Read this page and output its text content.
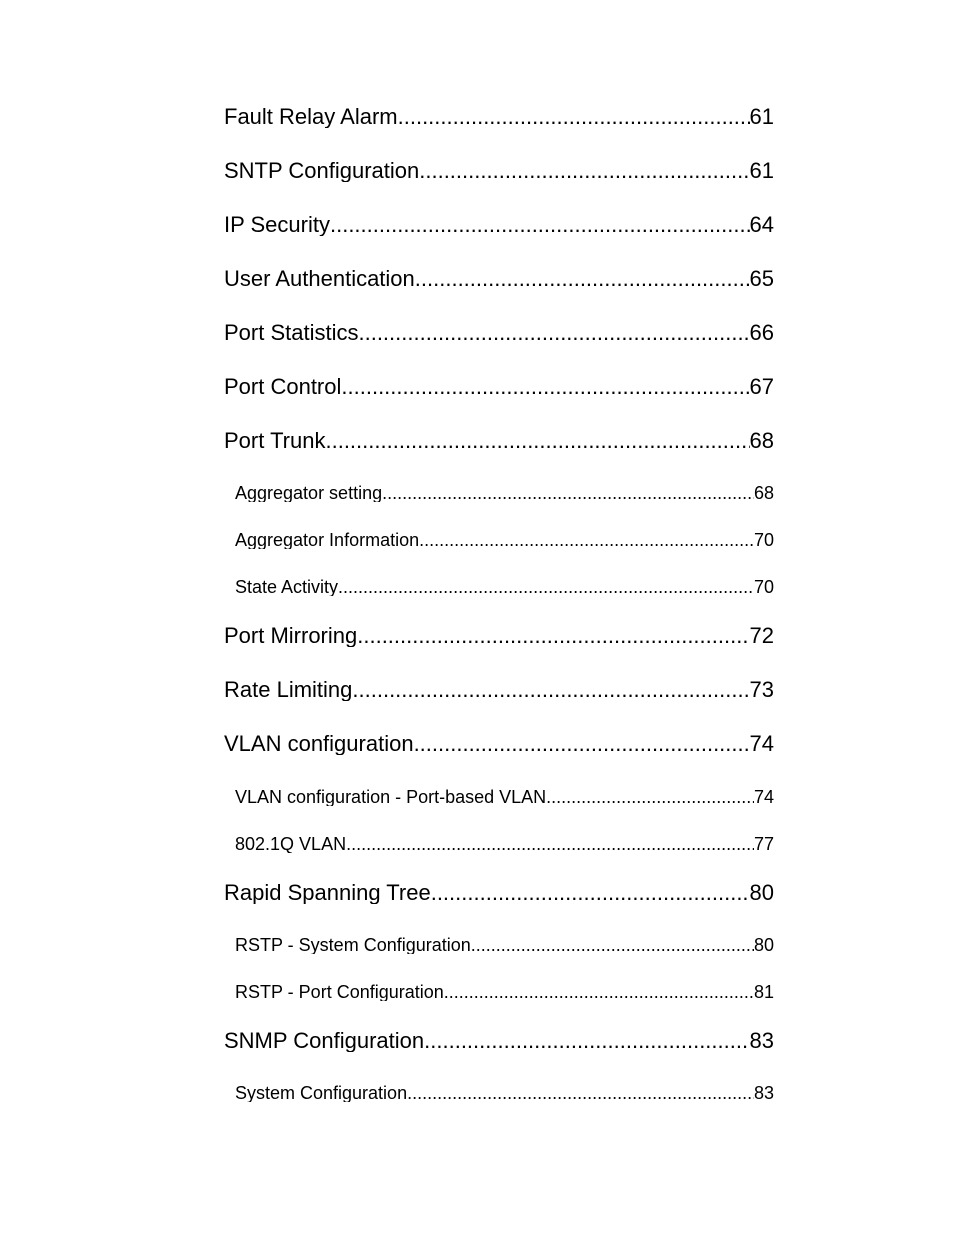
Fault Relay Alarm .....	61
SNTP Configuration .....	61
IP Security .....	64
User Authentication .....	65
Port Statistics .....	66
Port Control .....	67
Port Trunk .....	68
Aggregator setting .....	68
Aggregator Information .....	70
State Activity .....	70
Port Mirroring .....	72
Rate Limiting .....	73
VLAN configuration .....	74
VLAN configuration - Port-based VLAN .....	74
802.1Q VLAN .....	77
Rapid Spanning Tree .....	80
RSTP - System Configuration .....	80
RSTP - Port Configuration .....	81
SNMP Configuration .....	83
System Configuration .....	83
